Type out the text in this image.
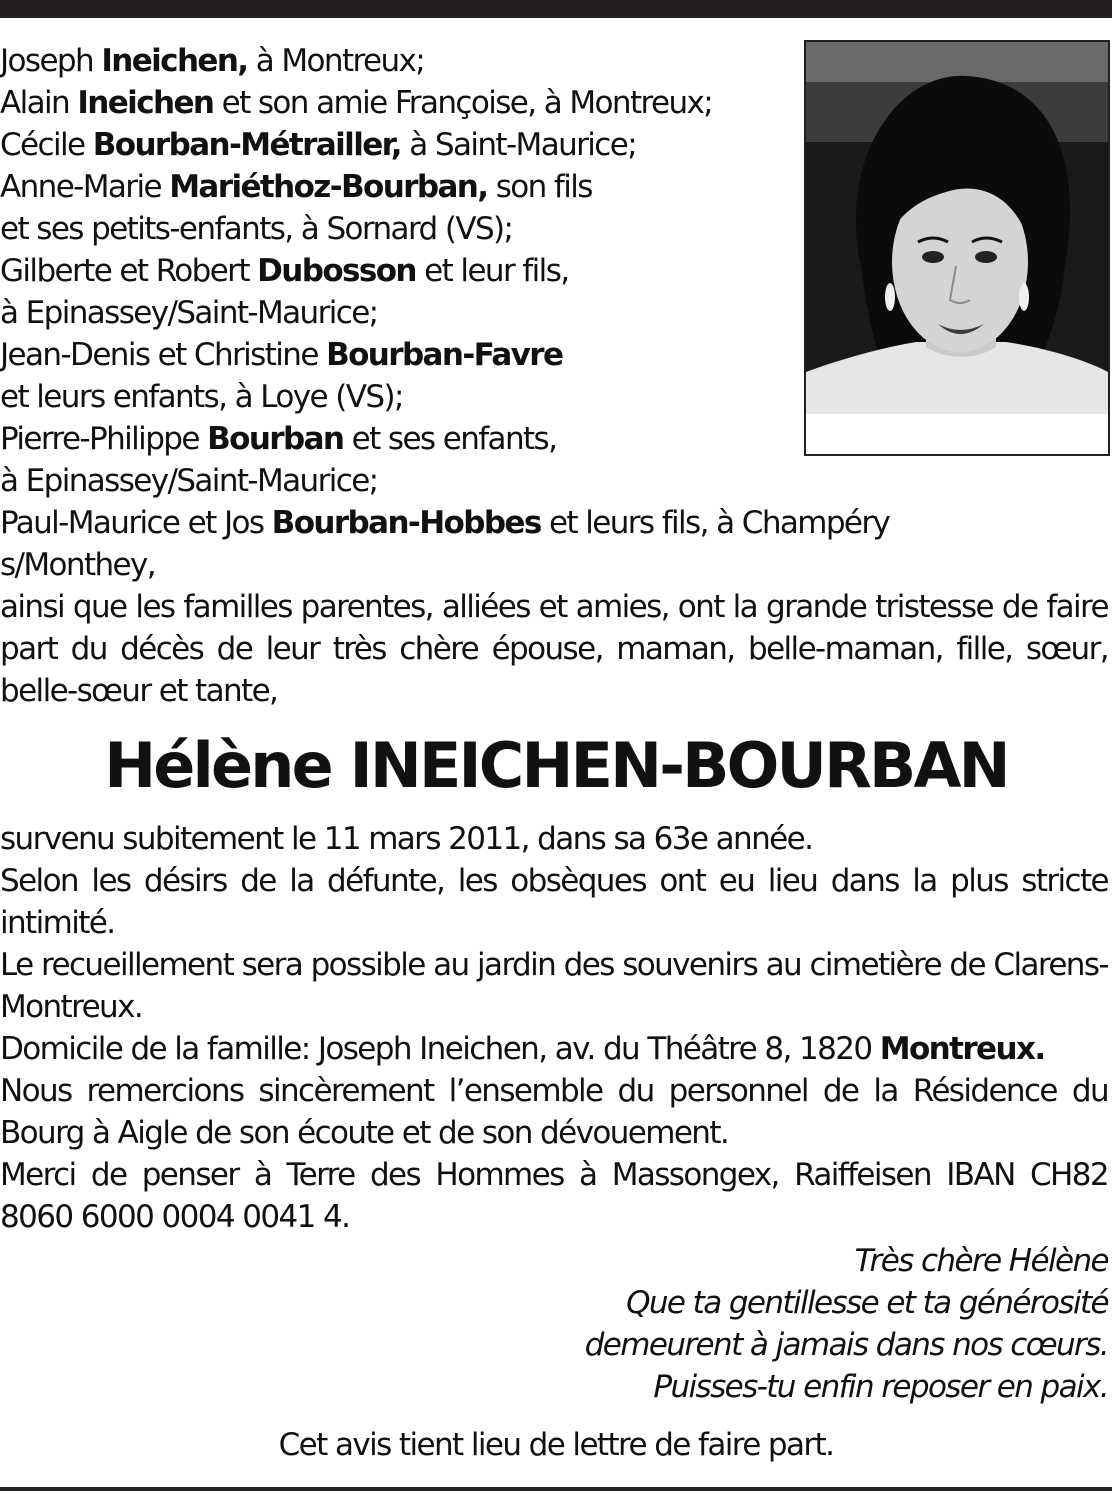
Joseph Ineichen, à Montreux;
Alain Ineichen et son amie Françoise, à Montreux;
Cécile Bourban-Métrailler, à Saint-Maurice;
Anne-Marie Mariéthoz-Bourban, son fils
et ses petits-enfants, à Sornard (VS);
Gilberte et Robert Dubosson et leur fils,
à Epinassey/Saint-Maurice;
Jean-Denis et Christine Bourban-Favre
et leurs enfants, à Loye (VS);
Pierre-Philippe Bourban et ses enfants,
à Epinassey/Saint-Maurice;
Paul-Maurice et Jos Bourban-Hobbes et leurs fils, à Champéry
s/Monthey,
ainsi que les familles parentes, alliées et amies, ont la grande tristesse de faire part du décès de leur très chère épouse, maman, belle-maman, fille, sœur, belle-sœur et tante,
Hélène INEICHEN-BOURBAN

survenu subitement le 11 mars 2011, dans sa 63e année.

Selon les désirs de la défunte, les obsèques ont eu lieu dans la plus stricte intimité.

Le recueillement sera possible au jardin des souvenirs au cimetière de Clarens-Montreux.

Domicile de la famille: Joseph Ineichen, av. du Théâtre 8, 1820 Montreux.

Nous remercions sincèrement l’ensemble du personnel de la Résidence du Bourg à Aigle de son écoute et de son dévouement.

Merci de penser à Terre des Hommes à Massongex, Raiffeisen IBAN CH82 8060 6000 0004 0041 4.

Très chère Hélène
Que ta gentillesse et ta générosité
demeurent à jamais dans nos cœurs.
Puisses-tu enfin reposer en paix.
Cet avis tient lieu de lettre de faire part.
